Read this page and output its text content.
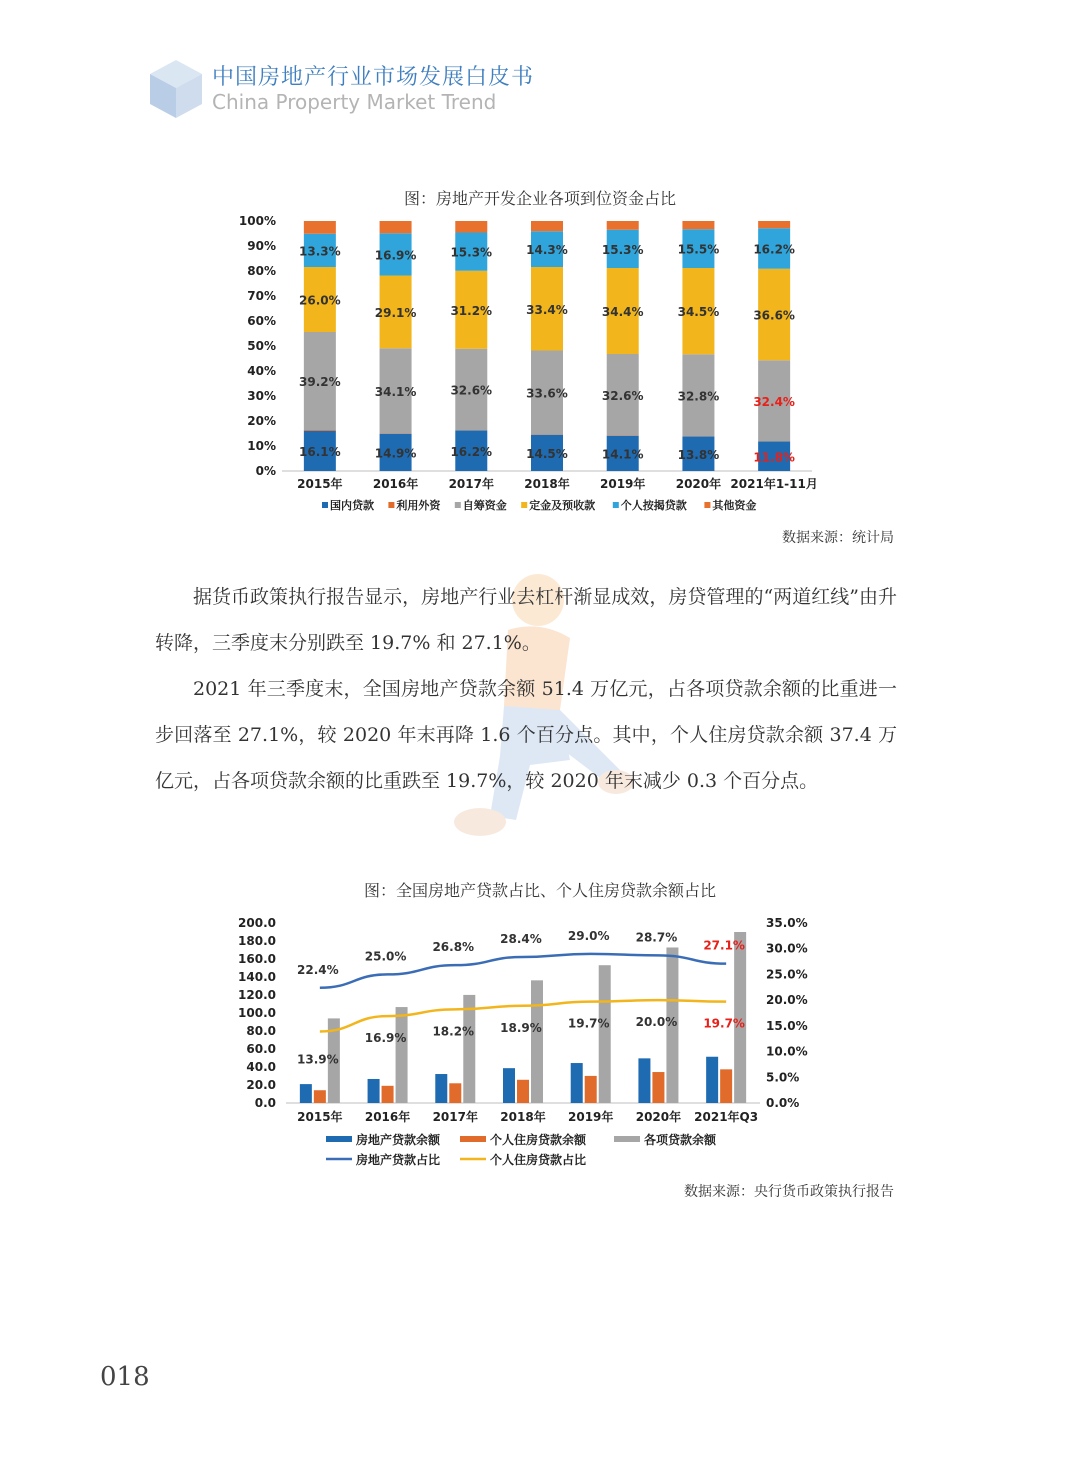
中国房地产行业市场发展白皮书
China Property Market Trend
图：房地产开发企业各项到位资金占比
0%
10%
20%
30%
40%
50%
60%
70%
80%
90%
100%
16.1%
39.2%
26.0%
13.3%
2015年
14.9%
34.1%
29.1%
16.9%
2016年
16.2%
32.6%
31.2%
15.3%
2017年
14.5%
33.6%
33.4%
14.3%
2018年
14.1%
32.6%
34.4%
15.3%
2019年
13.8%
32.8%
34.5%
15.5%
2020年
11.8%
32.4%
36.6%
16.2%
2021年1-11月
国内贷款 利用外资 自筹资金 定金及预收款 个人按揭贷款 其他资金
数据来源：统计局

据货币政策执行报告显示，房地产行业去杠杆渐显成效，房贷管理的“两道红线”由升转降，三季度末分别跌至 19.7% 和 27.1%。

2021 年三季度末，全国房地产贷款余额 51.4 万亿元，占各项贷款余额的比重进一步回落至 27.1%，较 2020 年末再降 1.6 个百分点。其中，个人住房贷款余额 37.4 万亿元，占各项贷款余额的比重跌至 19.7%，较 2020 年末减少 0.3 个百分点。

图：全国房地产贷款占比、个人住房贷款余额占比
0.0
20.0
40.0
60.0
80.0
100.0
120.0
140.0
160.0
180.0
200.0
0.0%
5.0%
10.0%
15.0%
20.0%
25.0%
30.0%
35.0%
2015年 2016年 2017年 2018年 2019年 2020年 2021年Q3
22.4%
25.0%
26.8%
28.4% 29.0% 28.7%
27.1%
13.9%
16.9% 18.2% 18.9% 19.7% 20.0% 19.7%
房地产贷款余额	个人住房贷款余额	各项贷款余额
房地产贷款占比	个人住房贷款占比
数据来源：央行货币政策执行报告
018
